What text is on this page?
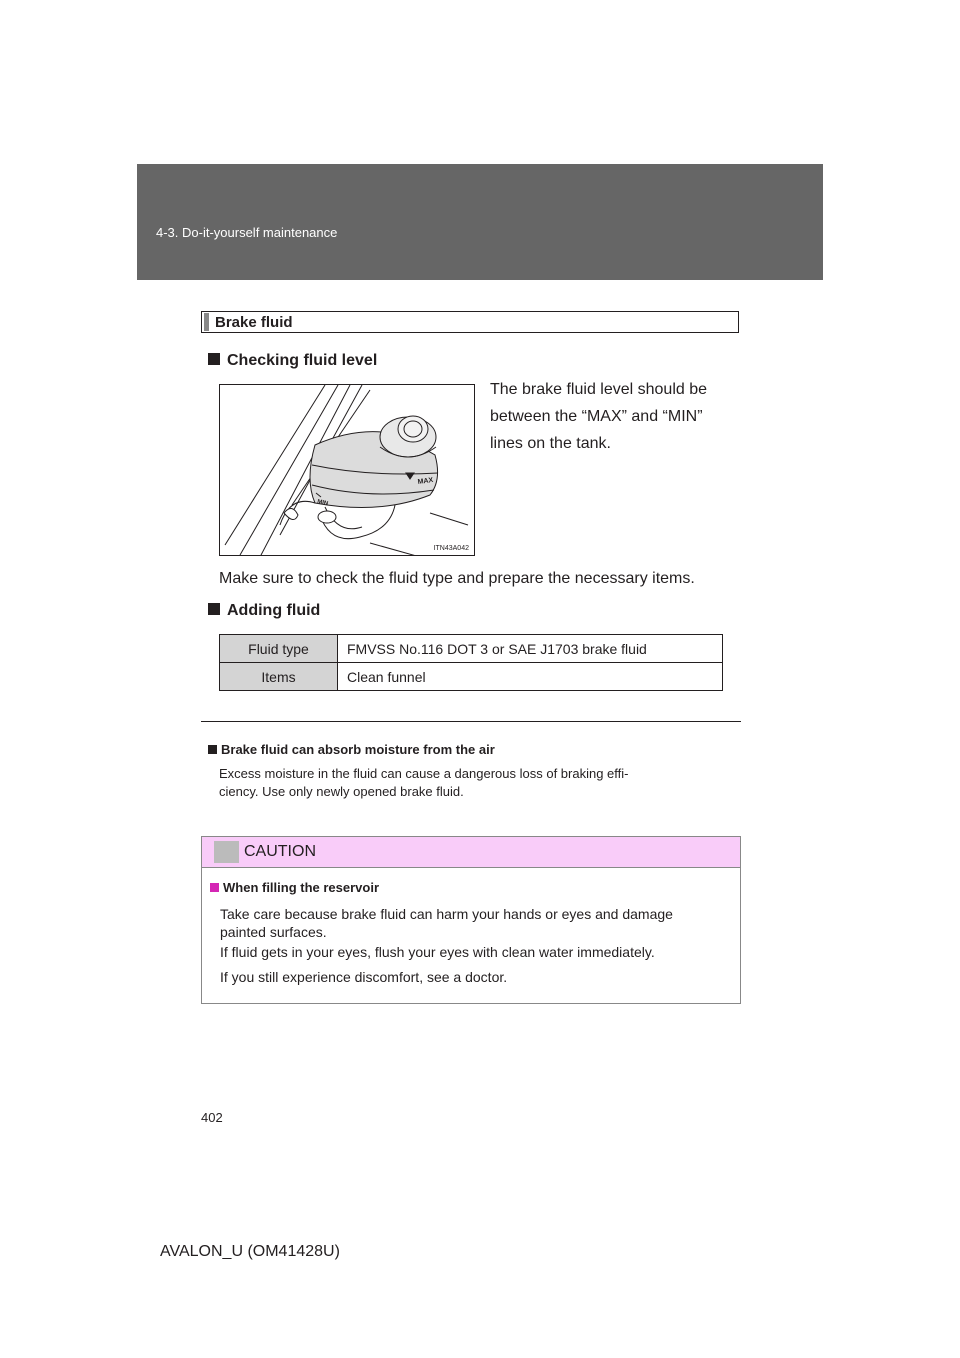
4-3. Do-it-yourself maintenance
Brake fluid
Checking fluid level
MAX
MIN
ITN43A042
The brake fluid level should be
between the “MAX” and “MIN”
lines on the tank.
Make sure to check the fluid type and prepare the necessary items.
Adding fluid
Fluid type	FMVSS No.116 DOT 3 or SAE J1703 brake fluid
Items	Clean funnel
Brake fluid can absorb moisture from the air
Excess moisture in the fluid can cause a dangerous loss of braking effi-
ciency. Use only newly opened brake fluid.
CAUTION
When filling the reservoir
Take care because brake fluid can harm your hands or eyes and damage
painted surfaces.
If fluid gets in your eyes, flush your eyes with clean water immediately.
If you still experience discomfort, see a doctor.
402
AVALON_U (OM41428U)
